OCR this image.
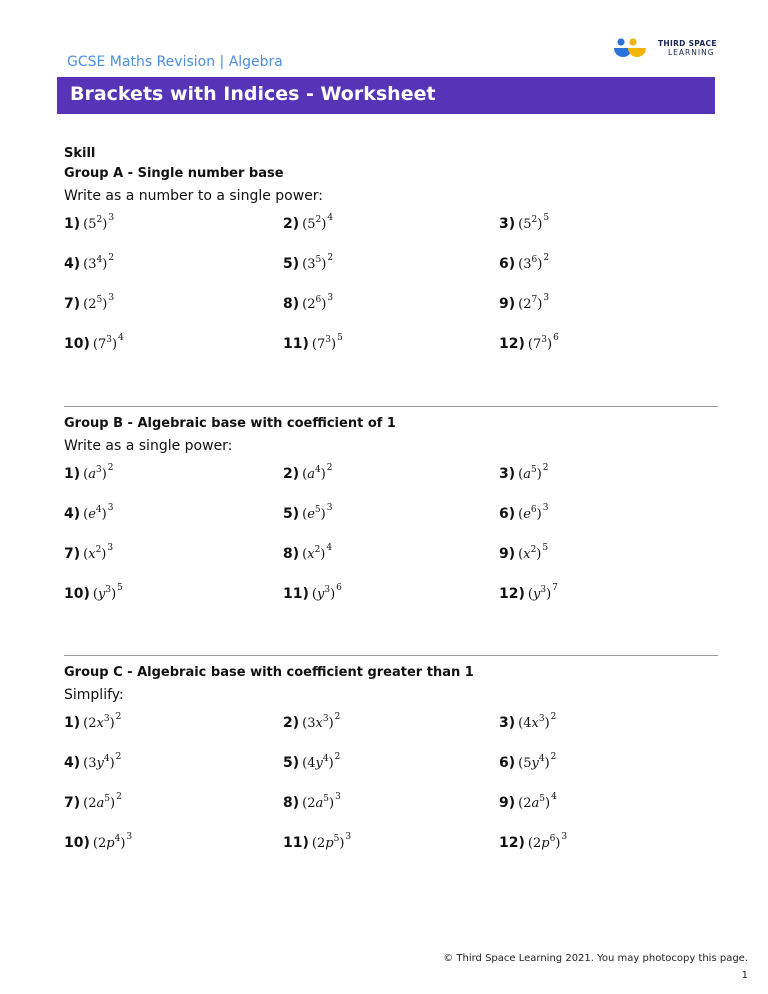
GCSE Maths Revision | Algebra
THIRD SPACE
LEARNING
Brackets with Indices - Worksheet
Skill
Group A - Single number base
Write as a number to a single power:
1) $(5^2)^3$	2) $(5^2)^4$	3) $(5^2)^5$
4) $(3^4)^2$	5) $(3^5)^2$	6) $(3^6)^2$
7) $(2^5)^3$	8) $(2^6)^3$	9) $(2^7)^3$
10) $(7^3)^4$	11) $(7^3)^5$	12) $(7^3)^6$
Group B - Algebraic base with coefficient of 1
Write as a single power:
1) $(a^3)^2$	2) $(a^4)^2$	3) $(a^5)^2$
4) $(e^4)^3$	5) $(e^5)^3$	6) $(e^6)^3$
7) $(x^2)^3$	8) $(x^2)^4$	9) $(x^2)^5$
10) $(y^3)^5$	11) $(y^3)^6$	12) $(y^3)^7$
Group C - Algebraic base with coefficient greater than 1
Simplify:
1) $(2x^3)^2$	2) $(3x^3)^2$	3) $(4x^3)^2$
4) $(3y^4)^2$	5) $(4y^4)^2$	6) $(5y^4)^2$
7) $(2a^5)^2$	8) $(2a^5)^3$	9) $(2a^5)^4$
10) $(2p^4)^3$	11) $(2p^5)^3$	12) $(2p^6)^3$
© Third Space Learning 2021. You may photocopy this page.
1
